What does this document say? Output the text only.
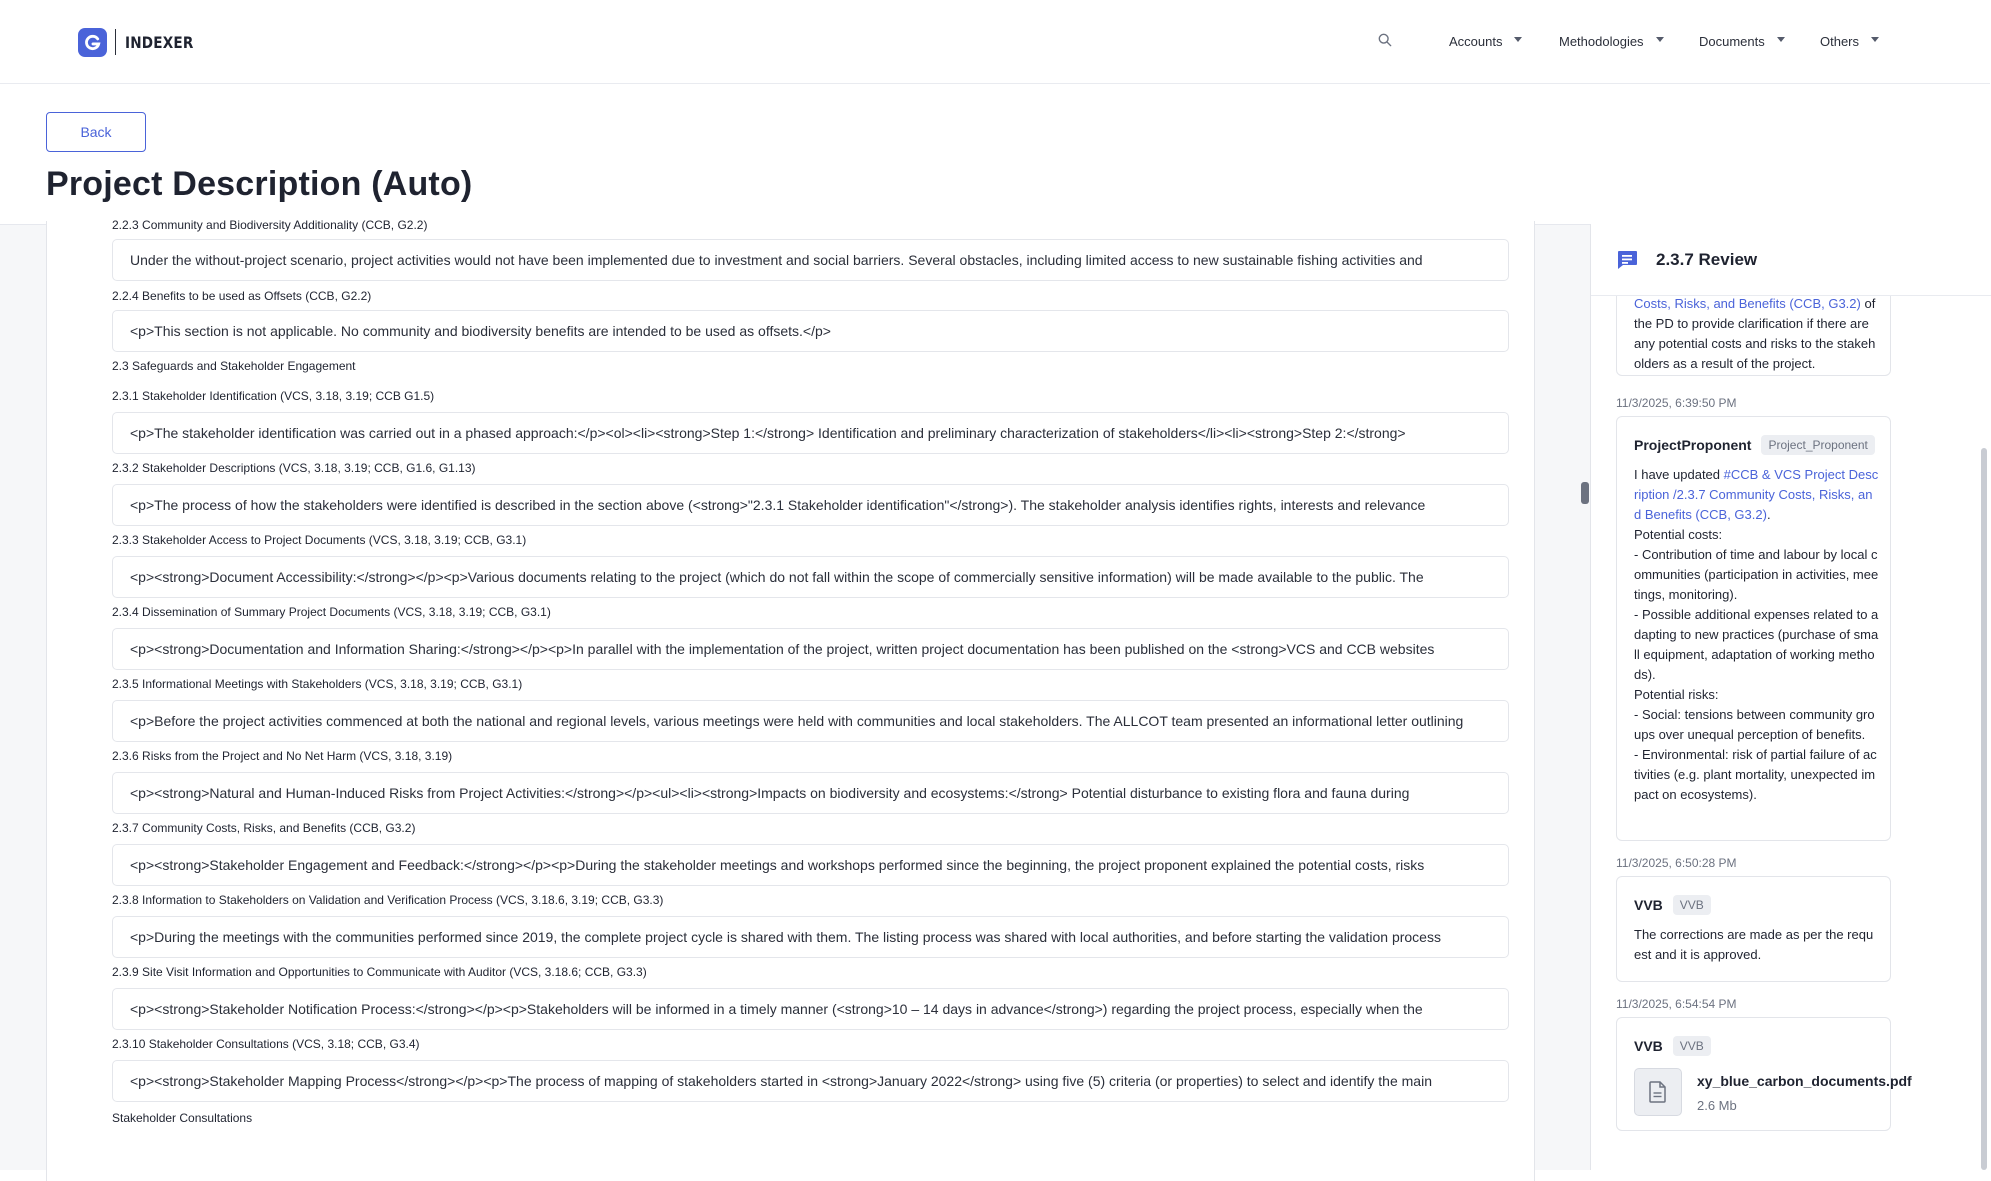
INDEXER	Accounts	Methodologies	Documents	Others
Back
Project Description (Auto)
2.2.3 Community and Biodiversity Additionality (CCB, G2.2)
Under the without-project scenario, project activities would not have been implemented due to investment and social barriers. Several obstacles, including limited access to new sustainable fishing activities and
2.2.4 Benefits to be used as Offsets (CCB, G2.2)
<p>This section is not applicable. No community and biodiversity benefits are intended to be used as offsets.</p>
2.3 Safeguards and Stakeholder Engagement
2.3.1 Stakeholder Identification (VCS, 3.18, 3.19; CCB G1.5)
<p>The stakeholder identification was carried out in a phased approach:</p><ol><li><strong>Step 1:</strong> Identification and preliminary characterization of stakeholders</li><li><strong>Step 2:</strong>
2.3.2 Stakeholder Descriptions (VCS, 3.18, 3.19; CCB, G1.6, G1.13)
<p>The process of how the stakeholders were identified is described in the section above (<strong>"2.3.1 Stakeholder identification"</strong>). The stakeholder analysis identifies rights, interests and relevance
2.3.3 Stakeholder Access to Project Documents (VCS, 3.18, 3.19; CCB, G3.1)
<p><strong>Document Accessibility:</strong></p><p>Various documents relating to the project (which do not fall within the scope of commercially sensitive information) will be made available to the public. The
2.3.4 Dissemination of Summary Project Documents (VCS, 3.18, 3.19; CCB, G3.1)
<p><strong>Documentation and Information Sharing:</strong></p><p>In parallel with the implementation of the project, written project documentation has been published on the <strong>VCS and CCB websites
2.3.5 Informational Meetings with Stakeholders (VCS, 3.18, 3.19; CCB, G3.1)
<p>Before the project activities commenced at both the national and regional levels, various meetings were held with communities and local stakeholders. The ALLCOT team presented an informational letter outlining
2.3.6 Risks from the Project and No Net Harm (VCS, 3.18, 3.19)
<p><strong>Natural and Human-Induced Risks from Project Activities:</strong></p><ul><li><strong>Impacts on biodiversity and ecosystems:</strong> Potential disturbance to existing flora and fauna during
2.3.7 Community Costs, Risks, and Benefits (CCB, G3.2)
<p><strong>Stakeholder Engagement and Feedback:</strong></p><p>During the stakeholder meetings and workshops performed since the beginning, the project proponent explained the potential costs, risks
2.3.8 Information to Stakeholders on Validation and Verification Process (VCS, 3.18.6, 3.19; CCB, G3.3)
<p>During the meetings with the communities performed since 2019, the complete project cycle is shared with them. The listing process was shared with local authorities, and before starting the validation process
2.3.9 Site Visit Information and Opportunities to Communicate with Auditor (VCS, 3.18.6; CCB, G3.3)
<p><strong>Stakeholder Notification Process:</strong></p><p>Stakeholders will be informed in a timely manner (<strong>10 – 14 days in advance</strong>) regarding the project process, especially when the
2.3.10 Stakeholder Consultations (VCS, 3.18; CCB, G3.4)
<p><strong>Stakeholder Mapping Process</strong></p><p>The process of mapping of stakeholders started in <strong>January 2022</strong> using five (5) criteria (or properties) to select and identify the main
Stakeholder Consultations
2.3.7 Review
Costs, Risks, and Benefits (CCB, G3.2) of
the PD to provide clarification if there are any potential costs and risks to the stakeholders as a result of the project.
11/3/2025, 6:39:50 PM
ProjectProponent	Project_Proponent
I have updated #CCB & VCS Project Description /2.3.7 Community Costs, Risks, and Benefits (CCB, G3.2).
Potential costs:
- Contribution of time and labour by local communities (participation in activities, meetings, monitoring).
- Possible additional expenses related to adapting to new practices (purchase of small equipment, adaptation of working methods).
Potential risks:
- Social: tensions between community groups over unequal perception of benefits.
- Environmental: risk of partial failure of activities (e.g. plant mortality, unexpected impact on ecosystems).
11/3/2025, 6:50:28 PM
VVB	VVB
The corrections are made as per the request and it is approved.
11/3/2025, 6:54:54 PM
VVB	VVB
xy_blue_carbon_documents.pdf
2.6 Mb
